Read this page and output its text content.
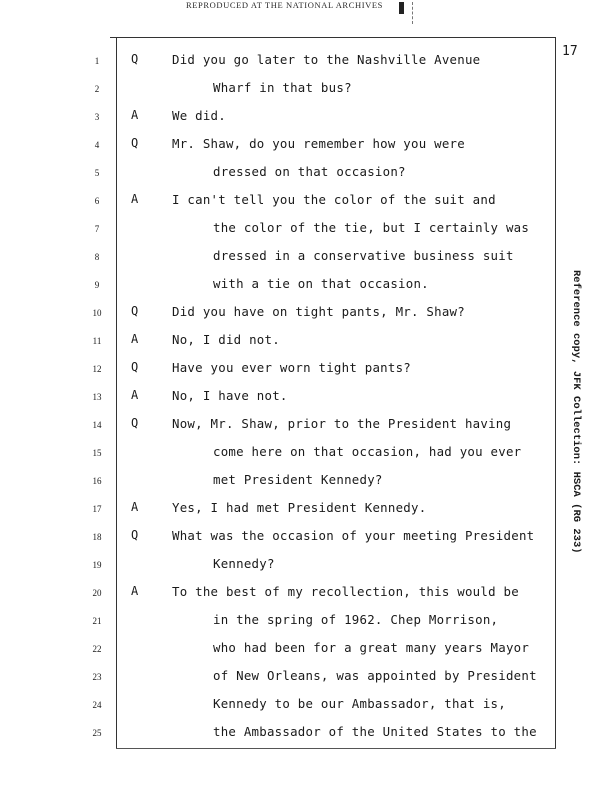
REPRODUCED AT THE NATIONAL ARCHIVES
17
1	Q	Did you go later to the Nashville Avenue
2	Wharf in that bus?
3	A	We did.
4	Q	Mr. Shaw, do you remember how you were
5	dressed on that occasion?
6	A	I can't tell you the color of the suit and
7	the color of the tie, but I certainly was
8	dressed in a conservative business suit
9	with a tie on that occasion.
10 Q	Did you have on tight pants, Mr. Shaw?
11 A	No, I did not.
12 Q	Have you ever worn tight pants?
13 A	No, I have not.
14 Q	Now, Mr. Shaw, prior to the President having
15	come here on that occasion, had you ever
16	met President Kennedy?
17 A	Yes, I had met President Kennedy.
18 Q	What was the occasion of your meeting President
19	Kennedy?
20 A	To the best of my recollection, this would be
21	in the spring of 1962. Chep Morrison,
22	who had been for a great many years Mayor
23	of New Orleans, was appointed by President
24	Kennedy to be our Ambassador, that is,
25	the Ambassador of the United States to the
Reference copy, JFK Collection: HSCA (RG 233)
